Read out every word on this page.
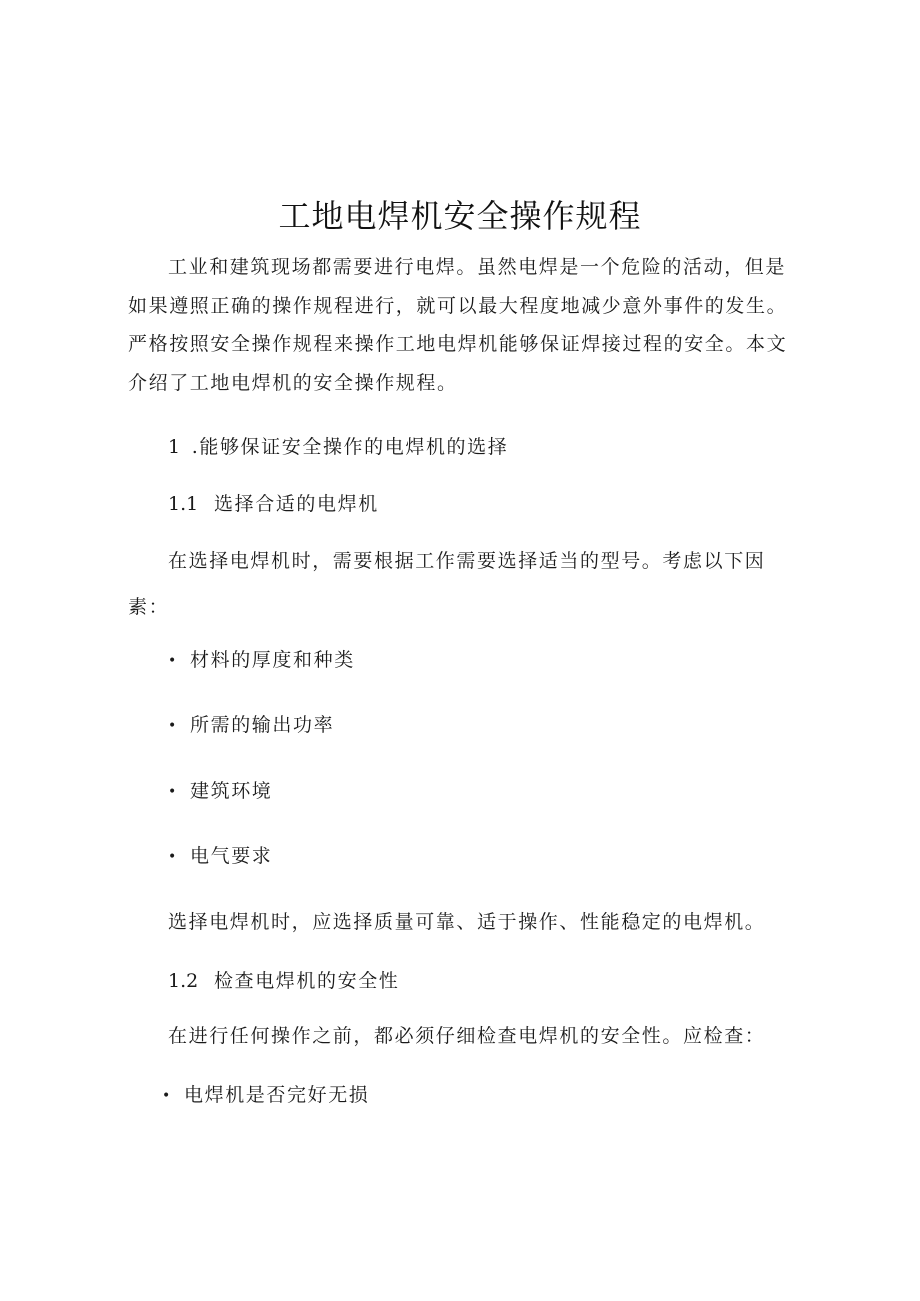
工地电焊机安全操作规程

工业和建筑现场都需要进行电焊。虽然电焊是一个危险的活动，但是如果遵照正确的操作规程进行，就可以最大程度地减少意外事件的发生。严格按照安全操作规程来操作工地电焊机能够保证焊接过程的安全。本文介绍了工地电焊机的安全操作规程。

1 .能够保证安全操作的电焊机的选择
1.1 选择合适的电焊机

在选择电焊机时，需要根据工作需要选择适当的型号。考虑以下因素：

• 材料的厚度和种类
• 所需的输出功率
• 建筑环境
• 电气要求
选择电焊机时，应选择质量可靠、适于操作、性能稳定的电焊机。
1.2 检查电焊机的安全性
在进行任何操作之前，都必须仔细检查电焊机的安全性。应检查：
• 电焊机是否完好无损
